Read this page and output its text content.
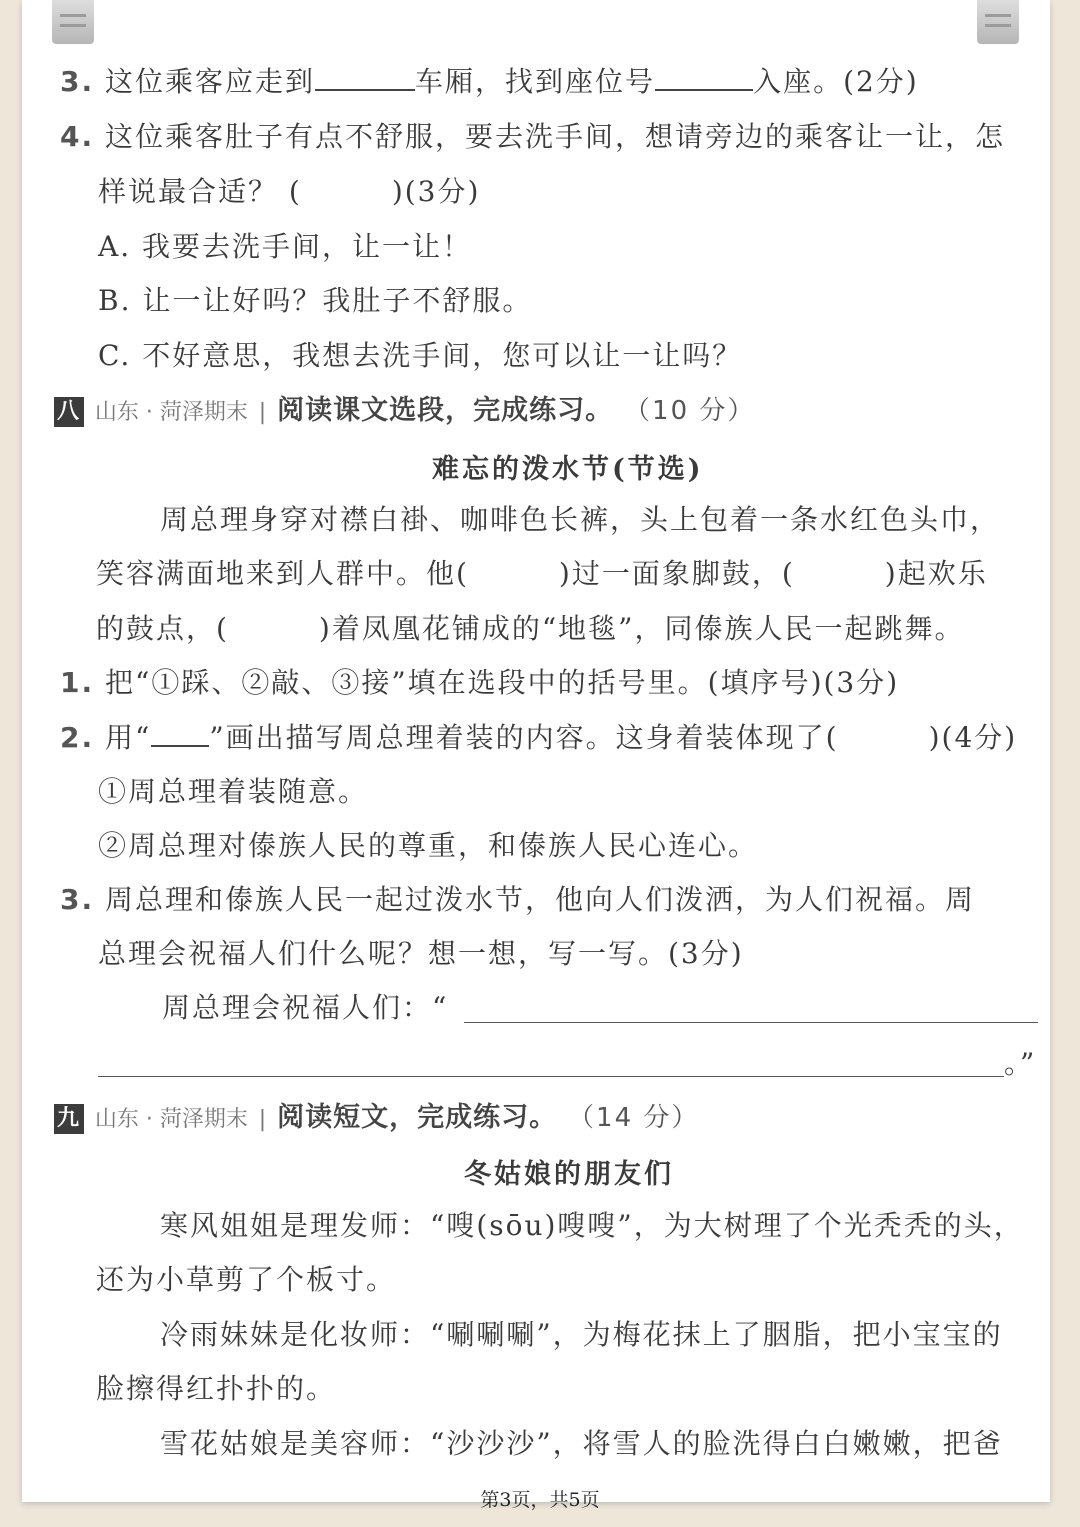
3. 这位乘客应走到	车厢，找到座位号	入座。(2分)
4. 这位乘客肚子有点不舒服，要去洗手间，想请旁边的乘客让一让，怎
样说最合适？ (　　　)(3分)
A. 我要去洗手间，让一让！
B. 让一让好吗？我肚子不舒服。
C. 不好意思，我想去洗手间，您可以让一让吗？
八 山东 · 菏泽期末 | 阅读课文选段，完成练习。 （10 分）
难忘的泼水节(节选)
周总理身穿对襟白褂、咖啡色长裤，头上包着一条水红色头巾，
笑容满面地来到人群中。他(　　　)过一面象脚鼓，(　　　)起欢乐
的鼓点，(　　　)着凤凰花铺成的“地毯”，同傣族人民一起跳舞。
1. 把“①踩、②敲、③接”填在选段中的括号里。(填序号)(3分)
2. 用“ ”画出描写周总理着装的内容。这身着装体现了(　　　)(4分)
①周总理着装随意。
②周总理对傣族人民的尊重，和傣族人民心连心。
3. 周总理和傣族人民一起过泼水节，他向人们泼洒，为人们祝福。周
总理会祝福人们什么呢？想一想，写一写。(3分)
周总理会祝福人们：“
。”
九 山东 · 菏泽期末 | 阅读短文，完成练习。 （14 分）
冬姑娘的朋友们
寒风姐姐是理发师：“嗖(sōu)嗖嗖”，为大树理了个光秃秃的头，
还为小草剪了个板寸。
冷雨妹妹是化妆师：“唰唰唰”，为梅花抹上了胭脂，把小宝宝的
脸擦得红扑扑的。
雪花姑娘是美容师：“沙沙沙”，将雪人的脸洗得白白嫩嫩，把爸
第3页，共5页
